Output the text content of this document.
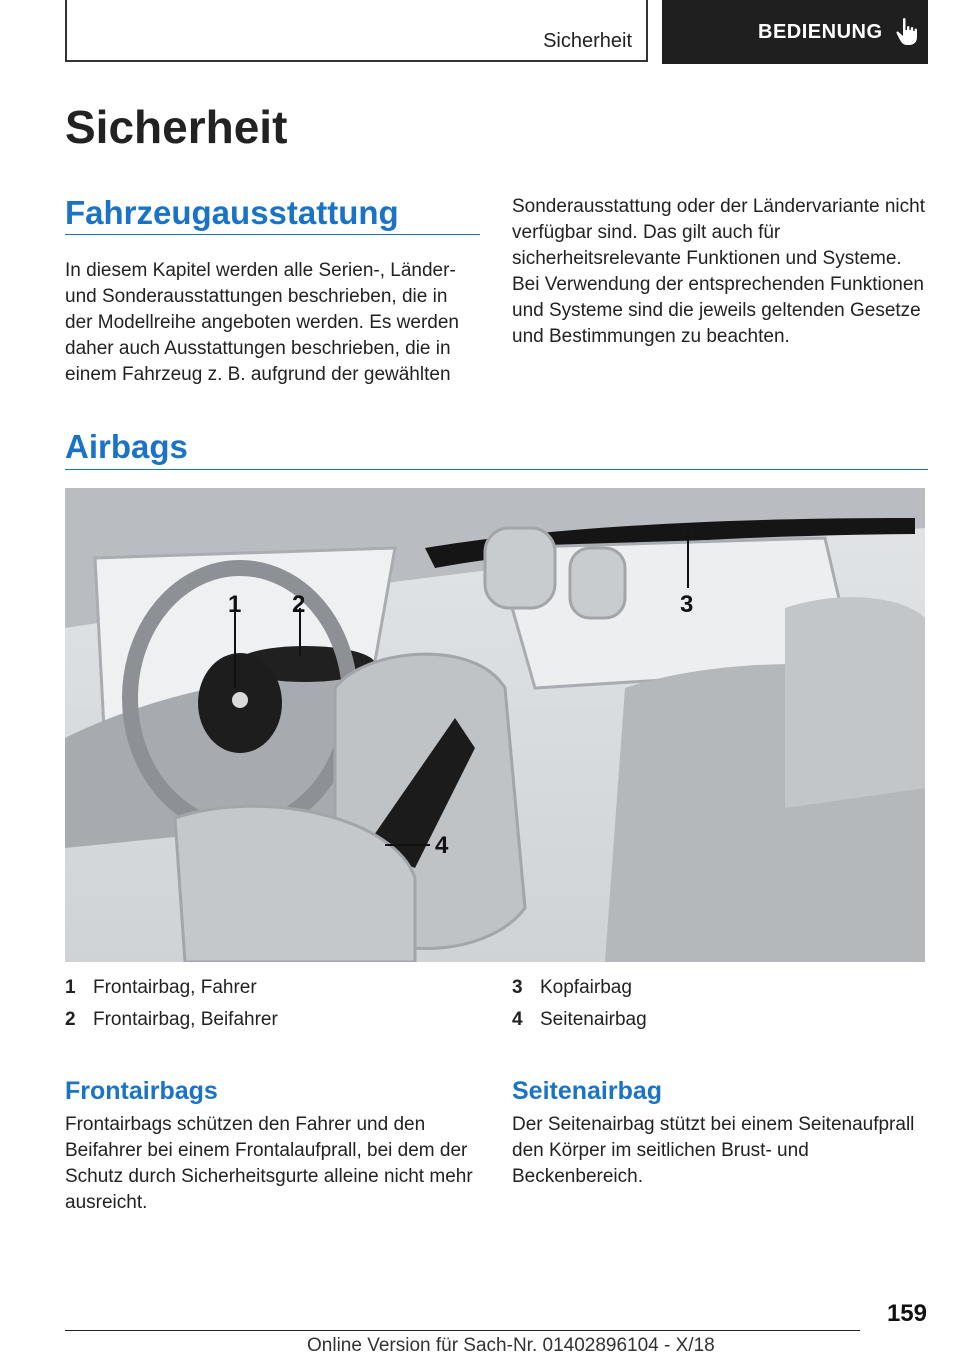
Sicherheit	BEDIENUNG
Sicherheit
Fahrzeugausstattung

In diesem Kapitel werden alle Serien-, Länder- und Sonderausstattungen beschrieben, die in der Modellreihe angeboten werden. Es werden daher auch Ausstattungen beschrieben, die in einem Fahrzeug z. B. aufgrund der gewählten

Sonderausstattung oder der Ländervariante nicht verfügbar sind. Das gilt auch für sicherheitsrelevante Funktionen und Systeme. Bei Verwendung der entsprechenden Funktionen und Systeme sind die jeweils geltenden Gesetze und Bestimmungen zu beachten.

Airbags
1 2	3
4
1 Frontairbag, Fahrer
2 Frontairbag, Beifahrer
3 Kopfairbag
4 Seitenairbag
Frontairbags

Frontairbags schützen den Fahrer und den Beifahrer bei einem Frontalaufprall, bei dem der Schutz durch Sicherheitsgurte alleine nicht mehr ausreicht.

Seitenairbag

Der Seitenairbag stützt bei einem Seitenaufprall den Körper im seitlichen Brust- und Beckenbereich.

159
Online Version für Sach-Nr. 01402896104 - X/18
